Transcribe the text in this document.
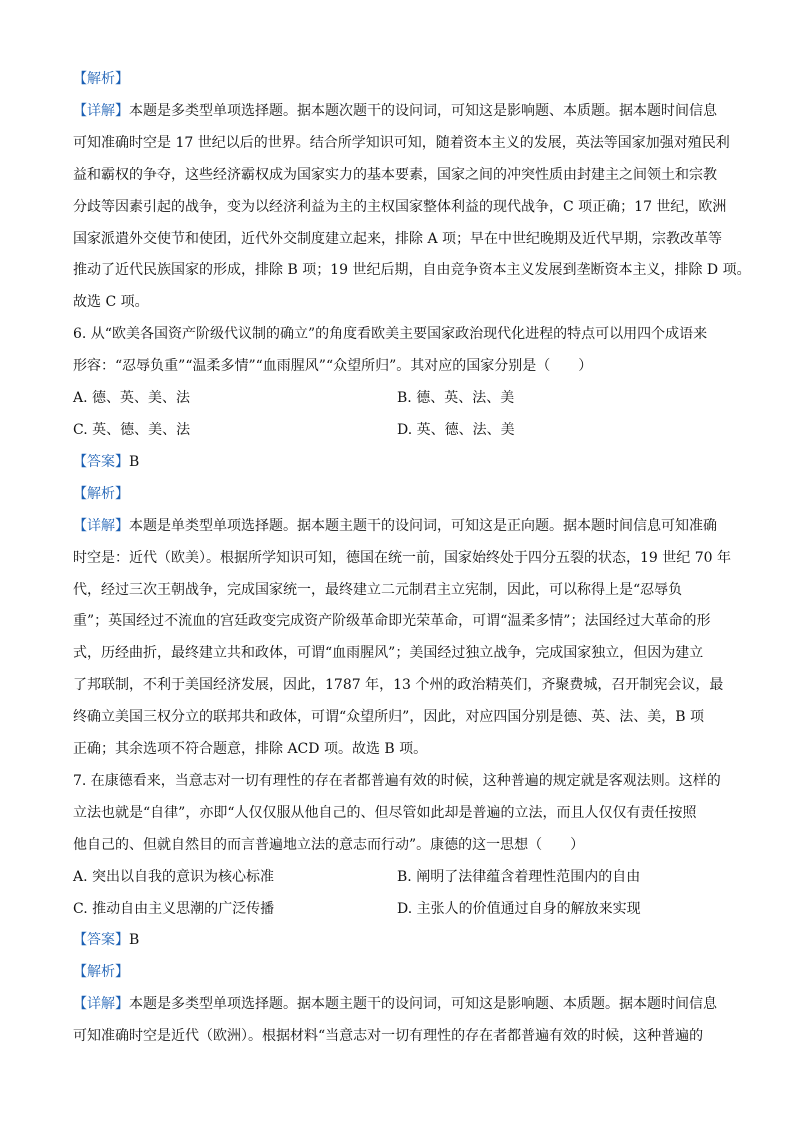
【解析】
【详解】本题是多类型单项选择题。据本题次题干的设问词，可知这是影响题、本质题。据本题时间信息
可知准确时空是 17 世纪以后的世界。结合所学知识可知，随着资本主义的发展，英法等国家加强对殖民利
益和霸权的争夺，这些经济霸权成为国家实力的基本要素，国家之间的冲突性质由封建主之间领土和宗教
分歧等因素引起的战争，变为以经济利益为主的主权国家整体利益的现代战争，C 项正确；17 世纪，欧洲
国家派遣外交使节和使团，近代外交制度建立起来，排除 A 项；早在中世纪晚期及近代早期，宗教改革等
推动了近代民族国家的形成，排除 B 项；19 世纪后期，自由竞争资本主义发展到垄断资本主义，排除 D 项。
故选 C 项。
6. 从“欧美各国资产阶级代议制的确立”的角度看欧美主要国家政治现代化进程的特点可以用四个成语来
形容：“忍辱负重”“温柔多情”“血雨腥风”“众望所归”。其对应的国家分别是（　　）
A. 德、英、美、法	B. 德、英、法、美
C. 英、德、美、法	D. 英、德、法、美
【答案】B
【解析】
【详解】本题是单类型单项选择题。据本题主题干的设问词，可知这是正向题。据本题时间信息可知准确
时空是：近代（欧美）。根据所学知识可知，德国在统一前，国家始终处于四分五裂的状态，19 世纪 70 年
代，经过三次王朝战争，完成国家统一，最终建立二元制君主立宪制，因此，可以称得上是“忍辱负
重”；英国经过不流血的宫廷政变完成资产阶级革命即光荣革命，可谓“温柔多情”；法国经过大革命的形
式，历经曲折，最终建立共和政体，可谓“血雨腥风”；美国经过独立战争，完成国家独立，但因为建立
了邦联制，不利于美国经济发展，因此，1787 年，13 个州的政治精英们，齐聚费城，召开制宪会议，最
终确立美国三权分立的联邦共和政体，可谓“众望所归”，因此，对应四国分别是德、英、法、美，B 项
正确；其余选项不符合题意，排除 ACD 项。故选 B 项。
7. 在康德看来，当意志对一切有理性的存在者都普遍有效的时候，这种普遍的规定就是客观法则。这样的
立法也就是“自律”，亦即“人仅仅服从他自己的、但尽管如此却是普遍的立法，而且人仅仅有责任按照
他自己的、但就自然目的而言普遍地立法的意志而行动”。康德的这一思想（　　）
A. 突出以自我的意识为核心标准	B. 阐明了法律蕴含着理性范围内的自由
C. 推动自由主义思潮的广泛传播	D. 主张人的价值通过自身的解放来实现
【答案】B
【解析】
【详解】本题是多类型单项选择题。据本题主题干的设问词，可知这是影响题、本质题。据本题时间信息
可知准确时空是近代（欧洲）。根据材料“当意志对一切有理性的存在者都普遍有效的时候，这种普遍的
